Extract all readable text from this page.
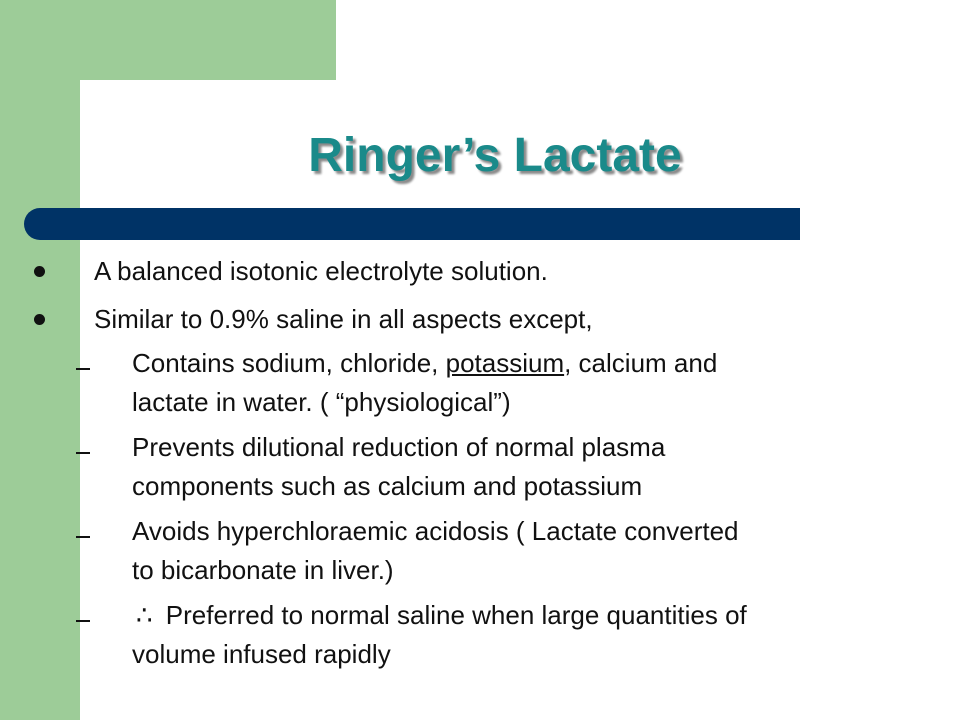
Ringer’s Lactate
A balanced isotonic electrolyte solution.
Similar to 0.9% saline in all aspects except,
Contains sodium, chloride, potassium, calcium and
lactate in water. ( “physiological”)
Prevents dilutional reduction of normal plasma
components such as calcium and potassium
Avoids hyperchloraemic acidosis ( Lactate converted
to bicarbonate in liver.)
∴ Preferred to normal saline when large quantities of
volume infused rapidly
